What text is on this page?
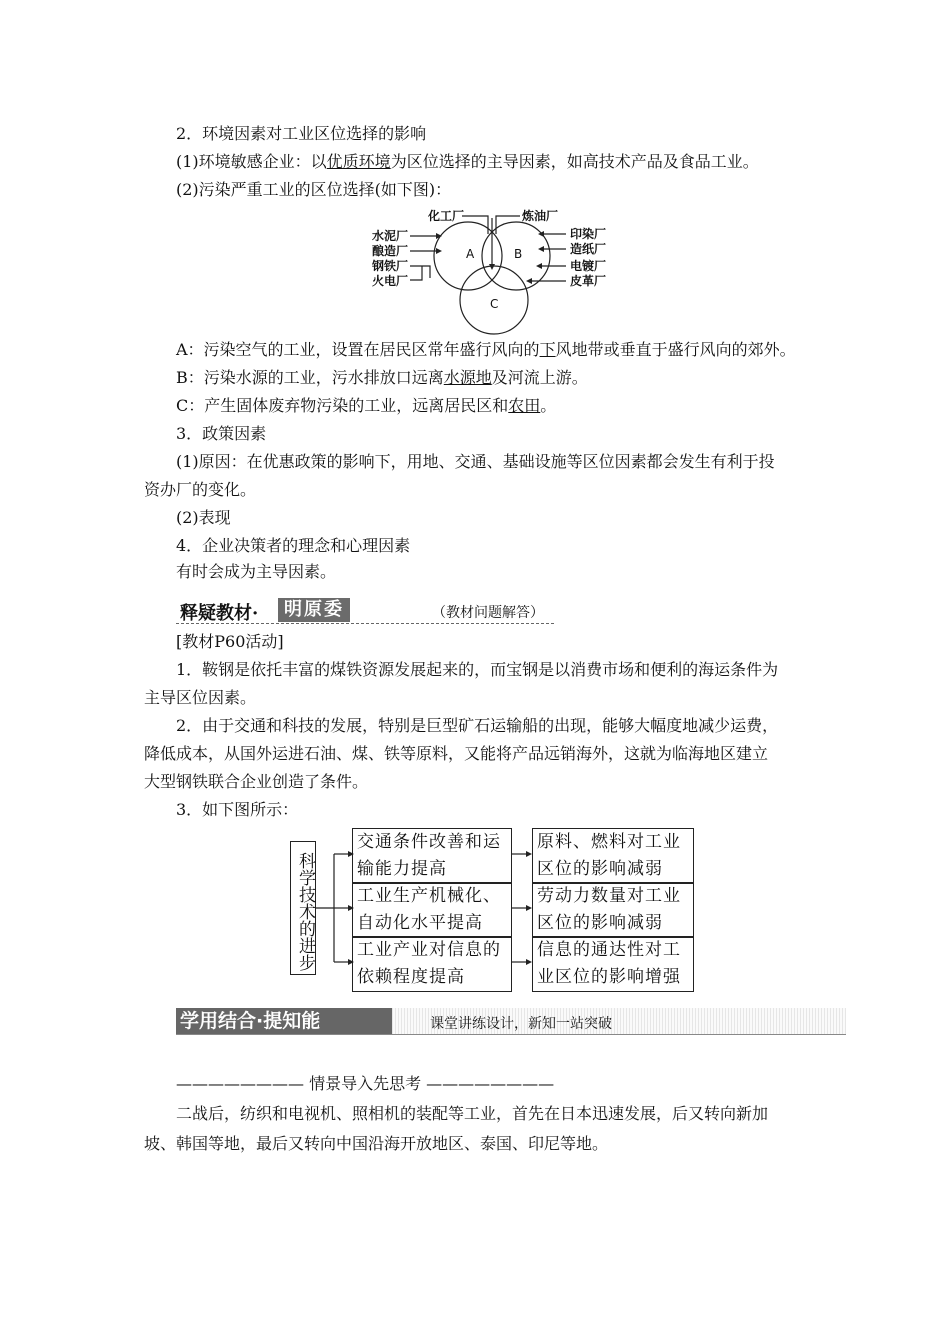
2．环境因素对工业区位选择的影响
(1)环境敏感企业：以优质环境为区位选择的主导因素，如高技术产品及食品工业。
(2)污染严重工业的区位选择(如下图)：
A	B
C
化工厂	炼油厂
水泥厂
酿造厂
钢铁厂
火电厂
印染厂
造纸厂
电镀厂
皮革厂
A：污染空气的工业，设置在居民区常年盛行风向的下风地带或垂直于盛行风向的郊外。
B：污染水源的工业，污水排放口远离水源地及河流上游。
C：产生固体废弃物污染的工业，远离居民区和农田。
3．政策因素
(1)原因：在优惠政策的影响下，用地、交通、基础设施等区位因素都会发生有利于投
资办厂的变化。
(2)表现
4．企业决策者的理念和心理因素
有时会成为主导因素。
释疑教材·	明原委	（教材问题解答）
[教材P60活动]
1．鞍钢是依托丰富的煤铁资源发展起来的，而宝钢是以消费市场和便利的海运条件为
主导区位因素。
2．由于交通和科技的发展，特别是巨型矿石运输船的出现，能够大幅度地减少运费，
降低成本，从国外运进石油、煤、铁等原料，又能将产品远销海外，这就为临海地区建立
大型钢铁联合企业创造了条件。
3．如下图所示：
科学技术的进步
交通条件改善和运
输能力提高
工业生产机械化、
自动化水平提高
工业产业对信息的
依赖程度提高
原料、燃料对工业
区位的影响减弱
劳动力数量对工业
区位的影响减弱
信息的通达性对工
业区位的影响增强
学用结合·提知能	课堂讲练设计，新知一站突破
———————— 情景导入先思考 ————————
二战后，纺织和电视机、照相机的装配等工业，首先在日本迅速发展，后又转向新加
坡、韩国等地，最后又转向中国沿海开放地区、泰国、印尼等地。
